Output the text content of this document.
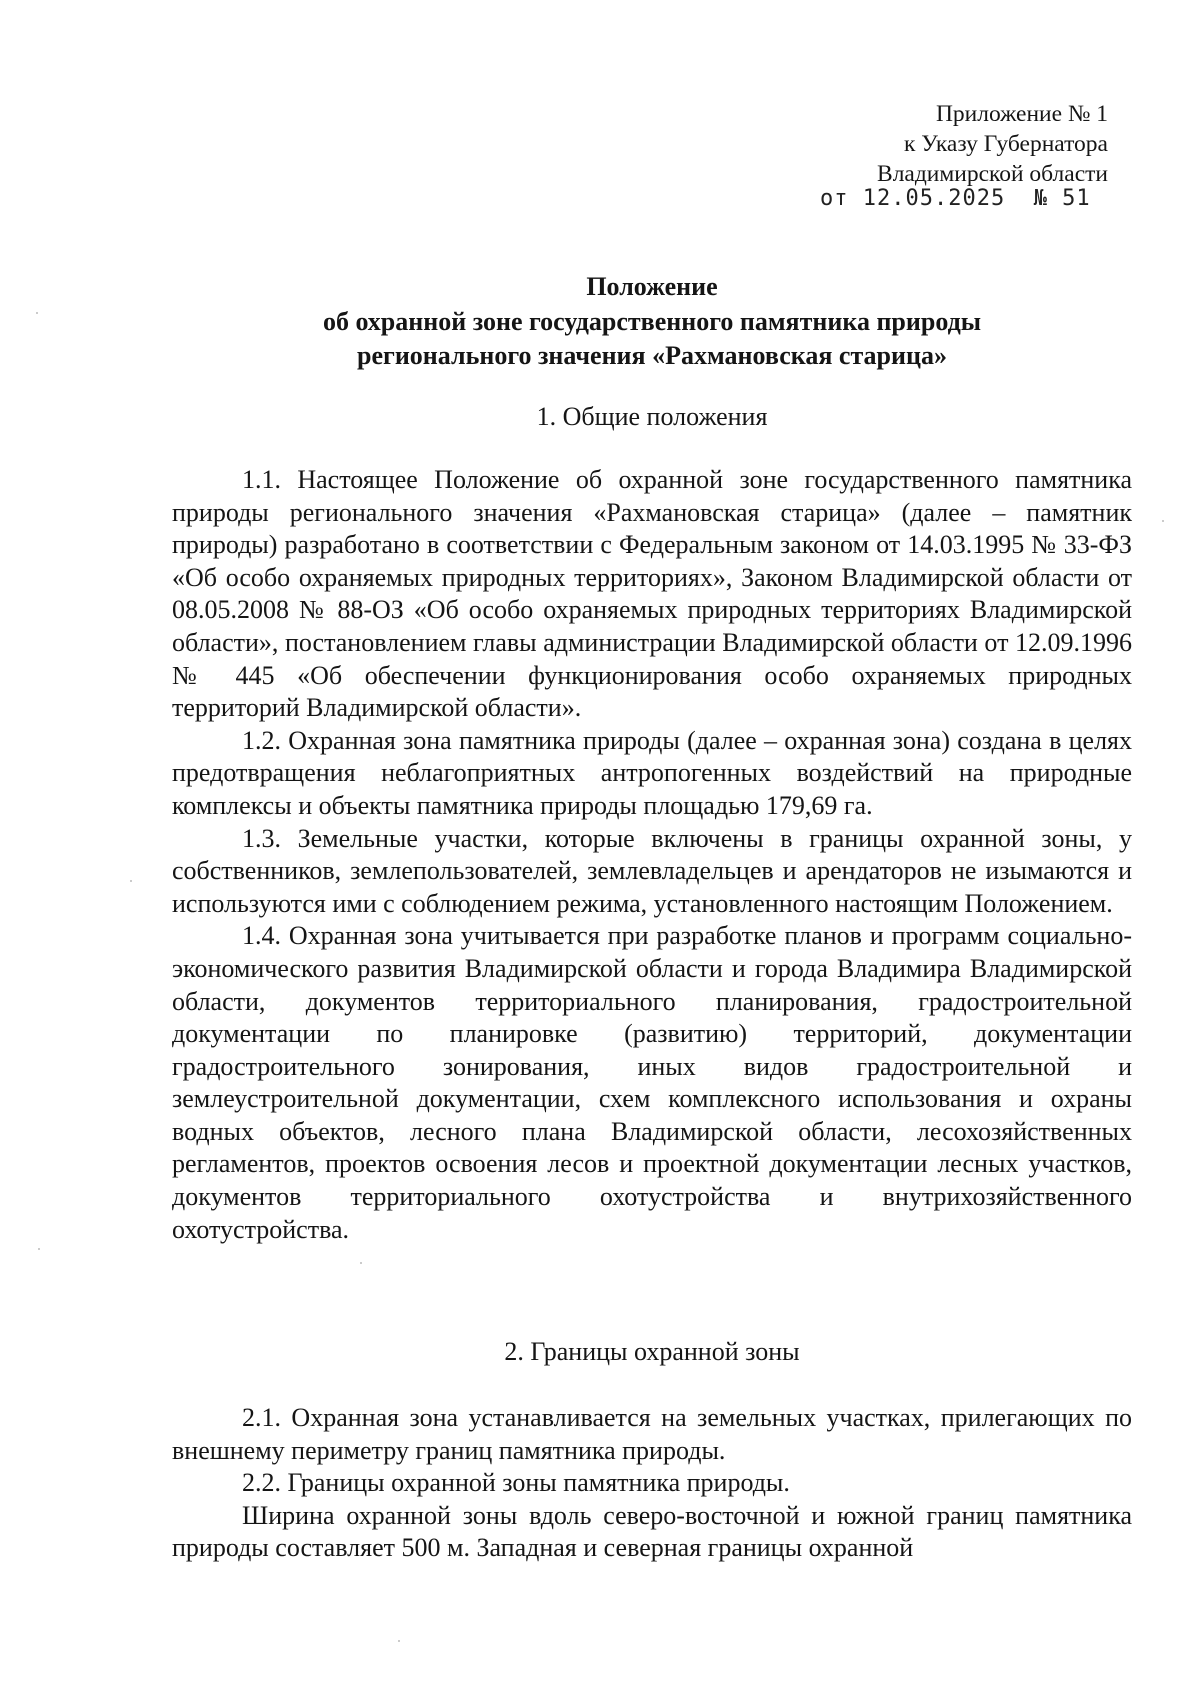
Приложение № 1
к Указу Губернатора
Владимирской области
от 12.05.2025  № 51
Положение
об охранной зоне государственного памятника природы
регионального значения «Рахмановская старица»
1. Общие положения

1.1. Настоящее Положение об охранной зоне государственного памятника природы регионального значения «Рахмановская старица» (далее – памятник природы) разработано в соответствии с Федеральным законом от 14.03.1995 № 33-ФЗ «Об особо охраняемых природных территориях», Законом Владимирской области от 08.05.2008 № 88-ОЗ «Об особо охраняемых природных территориях Владимирской области», постановлением главы администрации Владимирской области от 12.09.1996 № 445 «Об обеспечении функционирования особо охраняемых природных территорий Владимирской области».

1.2. Охранная зона памятника природы (далее – охранная зона) создана в целях предотвращения неблагоприятных антропогенных воздействий на природные комплексы и объекты памятника природы площадью 179,69 га.

1.3. Земельные участки, которые включены в границы охранной зоны, у собственников, землепользователей, землевладельцев и арендаторов не изымаются и используются ими с соблюдением режима, установленного настоящим Положением.

1.4. Охранная зона учитывается при разработке планов и программ социально-экономического развития Владимирской области и города Владимира Владимирской области, документов территориального планирования, градостроительной документации по планировке (развитию) территорий, документации градостроительного зонирования, иных видов градостроительной и землеустроительной документации, схем комплексного использования и охраны водных объектов, лесного плана Владимирской области, лесохозяйственных регламентов, проектов освоения лесов и проектной документации лесных участков, документов территориального охотустройства и внутрихозяйственного охотустройства.

2. Границы охранной зоны

2.1. Охранная зона устанавливается на земельных участках, прилегающих по внешнему периметру границ памятника природы.

2.2. Границы охранной зоны памятника природы.

Ширина охранной зоны вдоль северо-восточной и южной границ памятника природы составляет 500 м. Западная и северная границы охранной
